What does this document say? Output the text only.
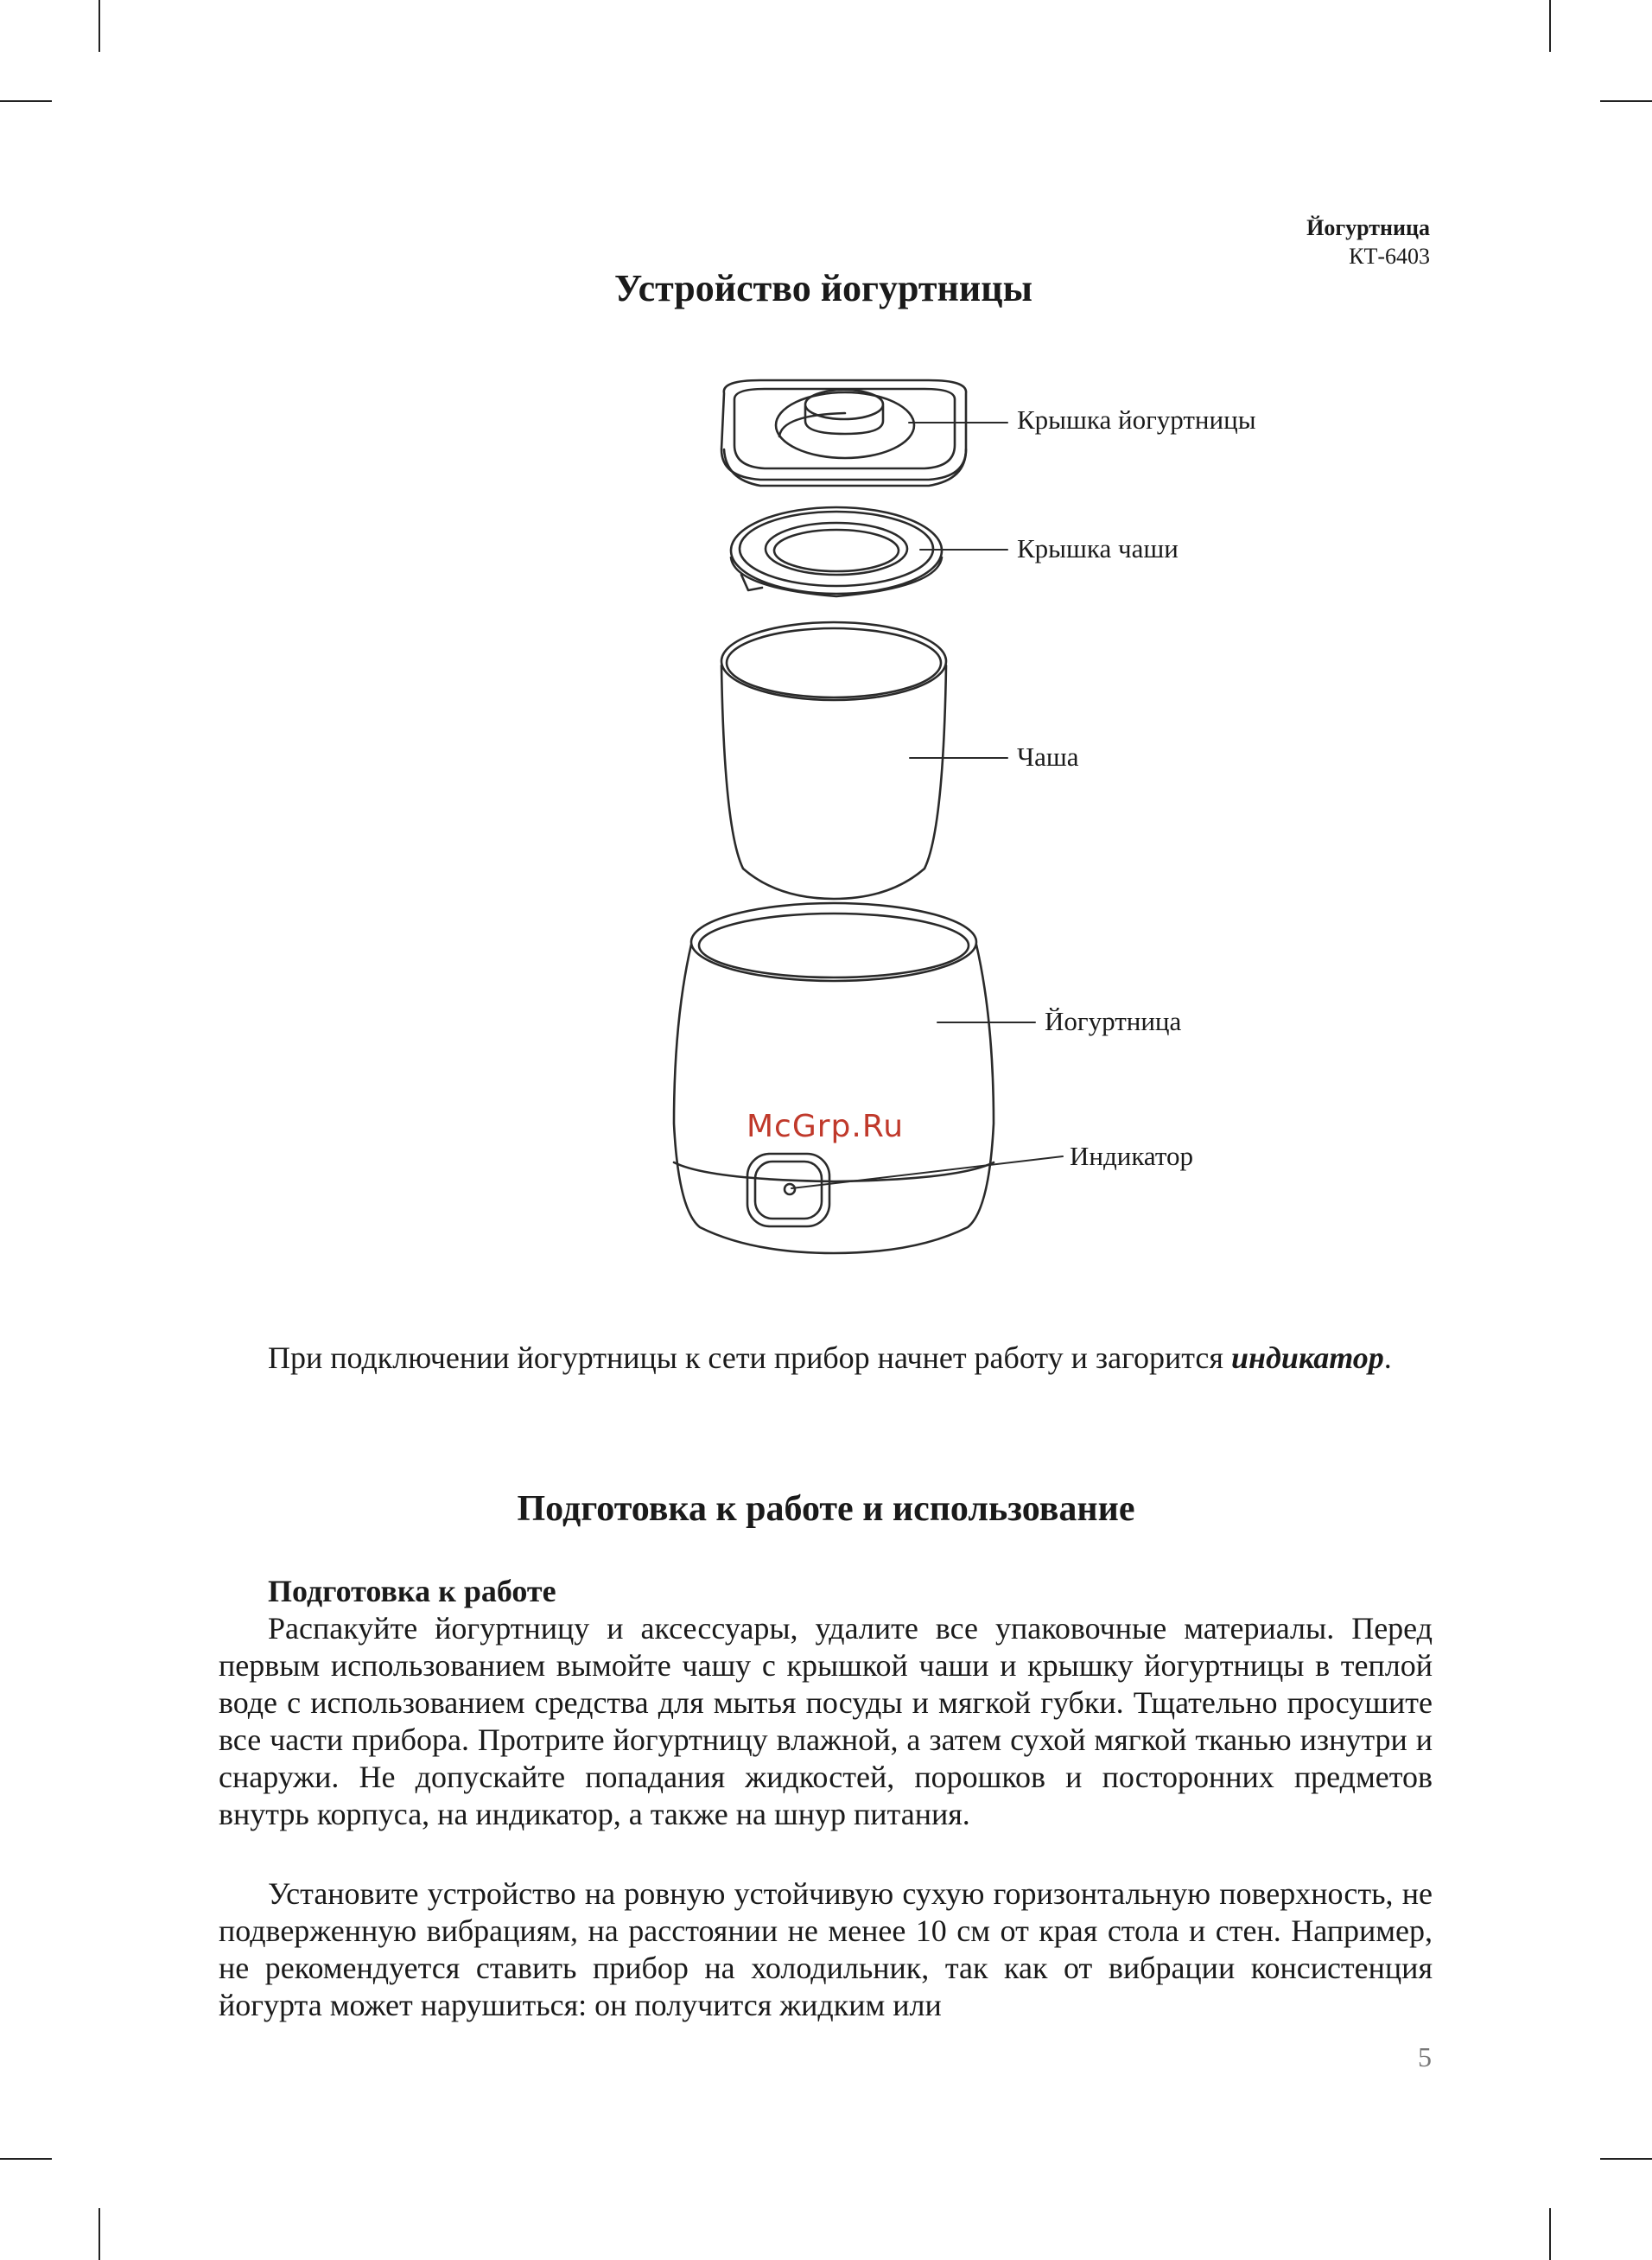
Йогуртница
КТ-6403
Устройство йогуртницы
Крышка йогуртницы
Крышка чаши
Чаша
Йогуртница
Индикатор
McGrp.Ru

При подключении йогуртницы к сети прибор начнет работу и загорится индикатор.

Подготовка к работе и использование
Подготовка к работе

Распакуйте йогуртницу и аксессуары, удалите все упаковочные материалы. Перед первым использованием вымойте чашу с крышкой чаши и крышку йогуртницы в теплой воде с использованием средства для мытья посуды и мягкой губки. Тщательно просушите все части прибора. Протрите йогуртницу влажной, а затем сухой мягкой тканью изнутри и снаружи. Не допускайте попадания жидкостей, порошков и посторонних предметов внутрь корпуса, на индикатор, а также на шнур питания.

Установите устройство на ровную устойчивую сухую горизонтальную поверхность, не подверженную вибрациям, на расстоянии не менее 10 см от края стола и стен. Например, не рекомендуется ставить прибор на холодильник, так как от вибрации консистенция йогурта может нарушиться: он получится жидким или

5
